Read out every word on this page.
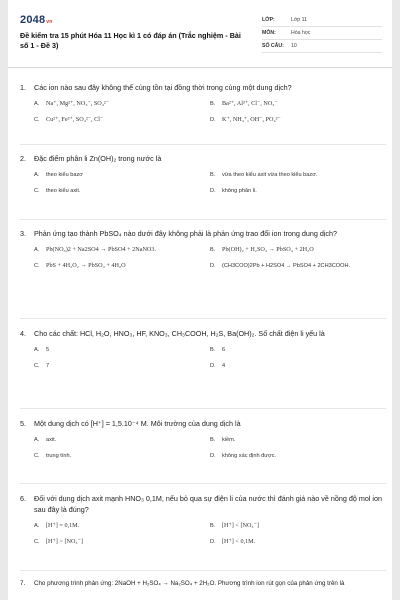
2048vn
Đề kiểm tra 15 phút Hóa 11 Học kì 1 có đáp án (Trắc nghiệm - Bài số 1 - Đề 3)
LỚP:	Lớp 11
MÔN:	Hóa học
SỐ CÂU:	10
1.	Các ion nào sau đây không thể cùng tồn tại đồng thời trong cùng một dung dịch?
A.	Na⁺, Mg²⁺, NO₃⁻, SO₄²⁻	B.	Ba²⁺, Al³⁺, Cl⁻, NO₃⁻
C.	Cu²⁺, Fe³⁺, SO₄²⁻, Cl⁻	D.	K⁺, NH₄⁺, OH⁻, PO₄³⁻
2.	Đặc điểm phân li Zn(OH)₂ trong nước là
A.	theo kiểu bazơ	B.	vừa theo kiểu axit vừa theo kiểu bazơ.
C.	theo kiểu axit.	D.	không phân li.
3.	Phản ứng tạo thành PbSO₄ nào dưới đây không phải là phản ứng trao đổi ion trong dung dịch?
A.	Pb(NO₃)2 + Na2SO4 → PbSO4 + 2NaNO3.	B.	Pb(OH)₂ + H₂SO₄ → PbSO₄ + 2H₂O
C.	PbS + 4H₂O₂ → PbSO₄ + 4H₂O	D.	(CH3COO)2Pb + H2SO4 → PbSO4 + 2CH3COOH.
4.	Cho các chất: HCl, H₂O, HNO₃, HF, KNO₃, CH₃COOH, H₂S, Ba(OH)₂. Số chất điện li yếu là
A.	5	B.	6
C.	7	D.	4
5.	Một dung dịch có [H⁺] = 1,5.10⁻⁴ M. Môi trường của dung dịch là
A.	axit.	B.	kiềm.
C.	trung tính.	D.	không xác định được.
6.	Đối với dung dịch axit mạnh HNO₃ 0,1M, nếu bỏ qua sự điện li của nước thì đánh giá nào về nồng độ mol ion sau đây là đúng?
A.	[H⁺] = 0,1M.	B.	[H⁺] < [NO₃⁻]
C.	[H⁺] > [NO₃⁻]	D.	[H⁺] < 0,1M.
7.	Cho phương trình phản ứng: 2NaOH + H₂SO₄ → Na₂SO₄ + 2H₂O. Phương trình ion rút gọn của phản ứng trên là
